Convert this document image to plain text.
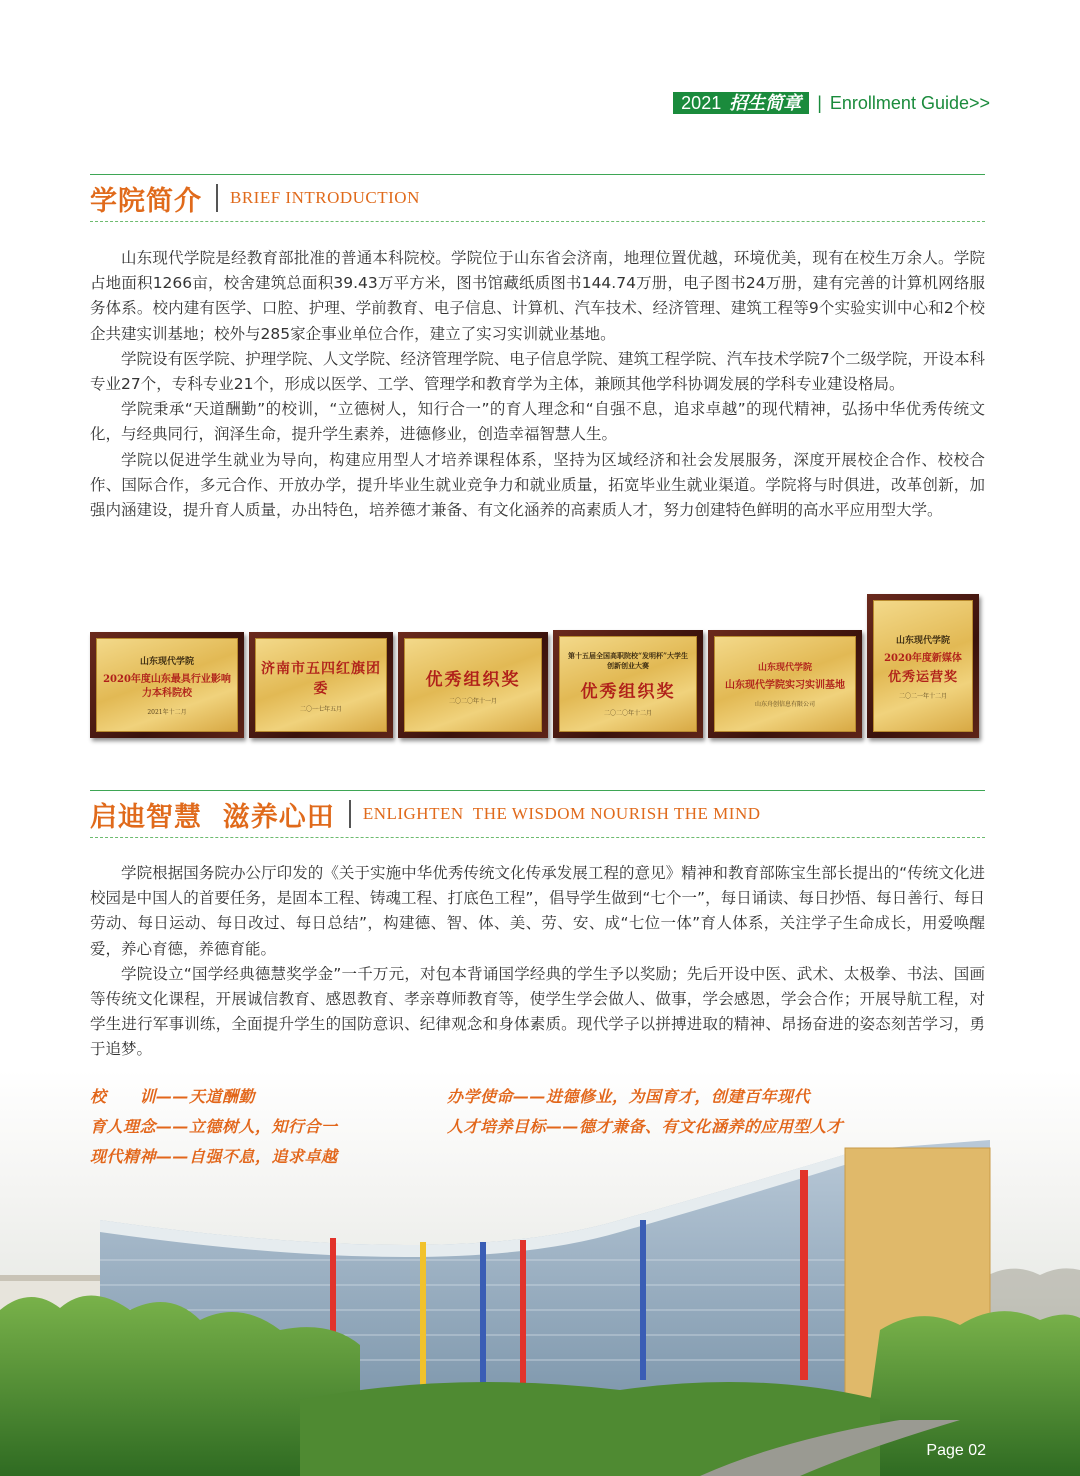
2021 招生简章 | Enrollment Guide>>
学院简介 BRIEF INTRODUCTION

山东现代学院是经教育部批准的普通本科院校。学院位于山东省会济南，地理位置优越，环境优美，现有在校生万余人。学院占地面积1266亩，校舍建筑总面积39.43万平方米，图书馆藏纸质图书144.74万册，电子图书24万册，建有完善的计算机网络服务体系。校内建有医学、口腔、护理、学前教育、电子信息、计算机、汽车技术、经济管理、建筑工程等9个实验实训中心和2个校企共建实训基地；校外与285家企事业单位合作，建立了实习实训就业基地。

学院设有医学院、护理学院、人文学院、经济管理学院、电子信息学院、建筑工程学院、汽车技术学院7个二级学院，开设本科专业27个，专科专业21个，形成以医学、工学、管理学和教育学为主体，兼顾其他学科协调发展的学科专业建设格局。

学院秉承“天道酬勤”的校训，“立德树人，知行合一”的育人理念和“自强不息，追求卓越”的现代精神，弘扬中华优秀传统文化，与经典同行，润泽生命，提升学生素养，进德修业，创造幸福智慧人生。

学院以促进学生就业为导向，构建应用型人才培养课程体系，坚持为区域经济和社会发展服务，深度开展校企合作、校校合作、国际合作，多元合作、开放办学，提升毕业生就业竞争力和就业质量，拓宽毕业生就业渠道。学院将与时俱进，改革创新，加强内涵建设，提升育人质量，办出特色，培养德才兼备、有文化涵养的高素质人才，努力创建特色鲜明的高水平应用型大学。

山东现代学院
2020年度山东最具行业影响力本科院校
2021年十二月
济南市五四红旗团委
二〇一七年五月
优秀组织奖
二〇二〇年十一月
第十五届全国高职院校“发明杯”大学生创新创业大赛
优秀组织奖
二〇二〇年十二月
山东现代学院
山东现代学院实习实训基地
山东舟创信息有限公司
山东现代学院
2020年度新媒体
优秀运营奖
二〇二一年十二月
启迪智慧  滋养心田 ENLIGHTEN  THE WISDOM NOURISH THE MIND

学院根据国务院办公厅印发的《关于实施中华优秀传统文化传承发展工程的意见》精神和教育部陈宝生部长提出的“传统文化进校园是中国人的首要任务，是固本工程、铸魂工程、打底色工程”，倡导学生做到“七个一”，每日诵读、每日抄悟、每日善行、每日劳动、每日运动、每日改过、每日总结”，构建德、智、体、美、劳、安、成“七位一体”育人体系，关注学子生命成长，用爱唤醒爱，养心育德，养德育能。

学院设立“国学经典德慧奖学金”一千万元，对包本背诵国学经典的学生予以奖励；先后开设中医、武术、太极拳、书法、国画等传统文化课程，开展诚信教育、感恩教育、孝亲尊师教育等，使学生学会做人、做事，学会感恩，学会合作；开展导航工程，对学生进行军事训练，全面提升学生的国防意识、纪律观念和身体素质。现代学子以拼搏进取的精神、昂扬奋进的姿态刻苦学习，勇于追梦。

校　　训——天道酬勤
育人理念——立德树人，知行合一
现代精神——自强不息，追求卓越
办学使命——进德修业，为国育才，创建百年现代
人才培养目标——德才兼备、有文化涵养的应用型人才
Page 02
